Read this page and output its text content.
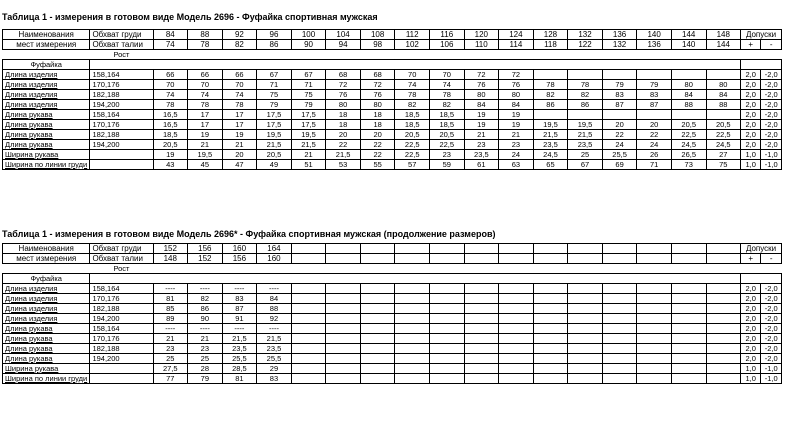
Таблица 1 - измерения в готовом виде Модель 2696 - Фуфайка спортивная мужская
Наименования	Обхват груди	84	88	92	96	100	104	108	112	116	120	124	128	132	136	140	144	148	Допуски	
мест измерения	Обхват талии	74	78	82	86	90	94	98	102	106	110	114	118	122	132	136	140	144	+	-
	Рост																			
Фуфайка																				
Длина изделия	158,164	66	66	66	67	67	68	68	70	70	72	72							2,0	-2,0
Длина изделия	170,176	70	70	70	71	71	72	72	74	74	76	76	78	78	79	79	80	80	2,0	-2,0
Длина изделия	182,188	74	74	74	75	75	76	76	78	78	80	80	82	82	83	83	84	84	2,0	-2,0
Длина изделия	194,200	78	78	78	79	79	80	80	82	82	84	84	86	86	87	87	88	88	2,0	-2,0
Длина рукава	158,164	16,5	17	17	17,5	17,5	18	18	18,5	18,5	19	19							2,0	-2,0
Длина рукава	170,176	16,5	17	17	17,5	17,5	18	18	18,5	18,5	19	19	19,5	19,5	20	20	20,5	20,5	2,0	-2,0
Длина рукава	182,188	18,5	19	19	19,5	19,5	20	20	20,5	20,5	21	21	21,5	21,5	22	22	22,5	22,5	2,0	-2,0
Длина рукава	194,200	20,5	21	21	21,5	21,5	22	22	22,5	22,5	23	23	23,5	23,5	24	24	24,5	24,5	2,0	-2,0
Ширина рукава		19	19,5	20	20,5	21	21,5	22	22,5	23	23,5	24	24,5	25	25,5	26	26,5	27	1,0	-1,0
Ширина по линии груди		43	45	47	49	51	53	55	57	59	61	63	65	67	69	71	73	75	1,0	-1,0
Таблица 1 - измерения в готовом виде Модель 2696* - Фуфайка спортивная мужская (продолжение размеров)
Наименования	Обхват груди	152	156	160	164														Допуски	
мест измерения	Обхват талии	148	152	156	160														+	-
	Рост																			
Фуфайка																				
Длина изделия	158,164	----	----	----	----														2,0	-2,0
Длина изделия	170,176	81	82	83	84														2,0	-2,0
Длина изделия	182,188	85	86	87	88														2,0	-2,0
Длина изделия	194,200	89	90	91	92														2,0	-2,0
Длина рукава	158,164	----	----	----	----														2,0	-2,0
Длина рукава	170,176	21	21	21,5	21,5														2,0	-2,0
Длина рукава	182,188	23	23	23,5	23,5														2,0	-2,0
Длина рукава	194,200	25	25	25,5	25,5														2,0	-2,0
Ширина рукава		27,5	28	28,5	29														1,0	-1,0
Ширина по линии груди		77	79	81	83														1,0	-1,0
